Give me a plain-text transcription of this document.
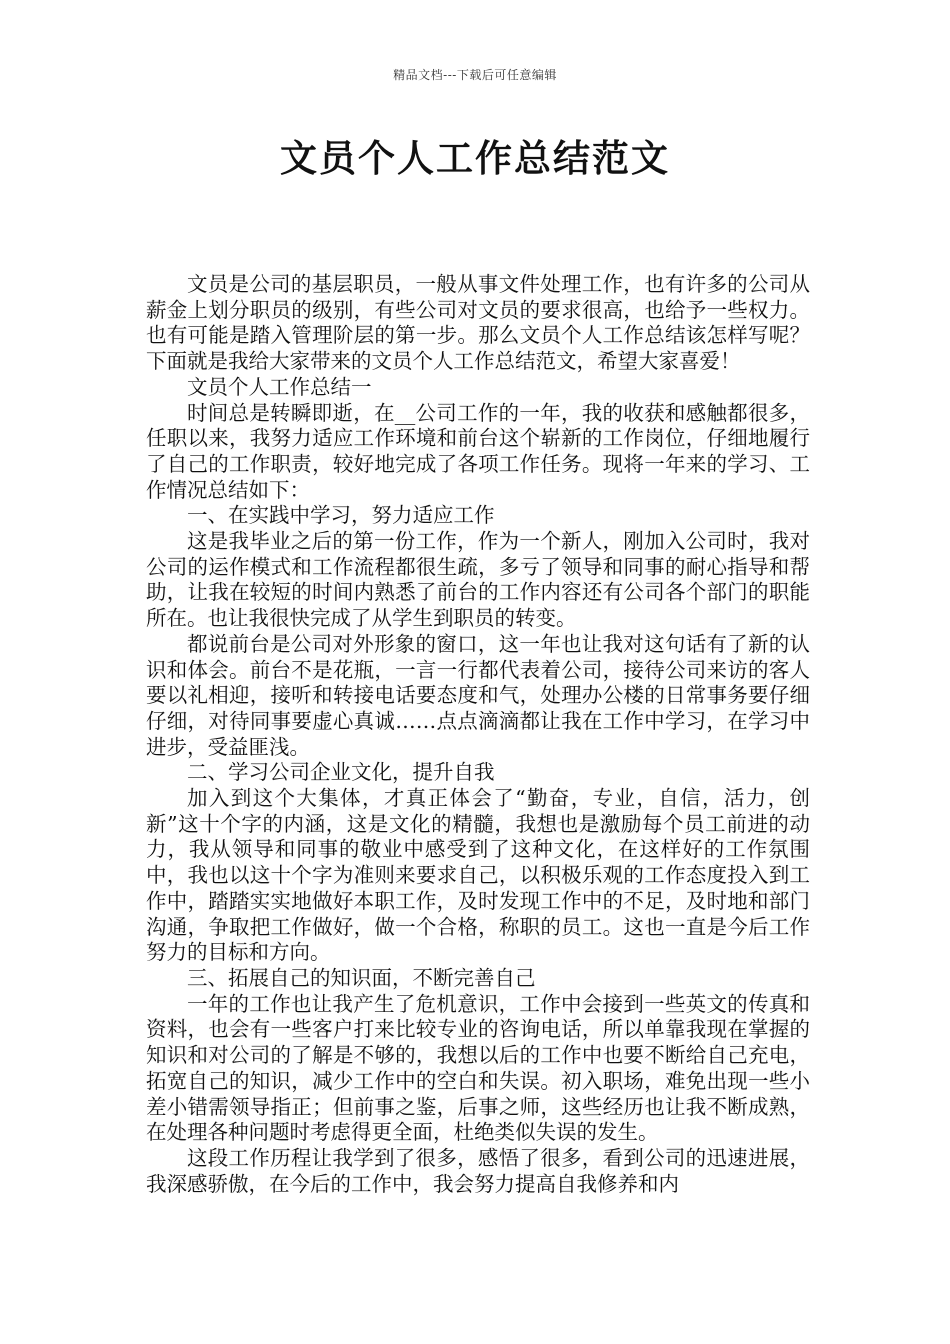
精品文档---下载后可任意编辑
文员个人工作总结范文

文员是公司的基层职员，一般从事文件处理工作，也有许多的公司从薪金上划分职员的级别，有些公司对文员的要求很高，也给予一些权力。也有可能是踏入管理阶层的第一步。那么文员个人工作总结该怎样写呢？下面就是我给大家带来的文员个人工作总结范文，希望大家喜爱！

文员个人工作总结一

时间总是转瞬即逝，在__公司工作的一年，我的收获和感触都很多，任职以来，我努力适应工作环境和前台这个崭新的工作岗位，仔细地履行了自己的工作职责，较好地完成了各项工作任务。现将一年来的学习、工作情况总结如下：

一、在实践中学习，努力适应工作

这是我毕业之后的第一份工作，作为一个新人，刚加入公司时，我对公司的运作模式和工作流程都很生疏，多亏了领导和同事的耐心指导和帮助，让我在较短的时间内熟悉了前台的工作内容还有公司各个部门的职能所在。也让我很快完成了从学生到职员的转变。

都说前台是公司对外形象的窗口，这一年也让我对这句话有了新的认识和体会。前台不是花瓶，一言一行都代表着公司，接待公司来访的客人要以礼相迎，接听和转接电话要态度和气，处理办公楼的日常事务要仔细仔细，对待同事要虚心真诚……点点滴滴都让我在工作中学习，在学习中进步，受益匪浅。

二、学习公司企业文化，提升自我

加入到这个大集体，才真正体会了“勤奋，专业，自信，活力，创新”这十个字的内涵，这是文化的精髓，我想也是激励每个员工前进的动力，我从领导和同事的敬业中感受到了这种文化，在这样好的工作氛围中，我也以这十个字为准则来要求自己，以积极乐观的工作态度投入到工作中，踏踏实实地做好本职工作，及时发现工作中的不足，及时地和部门沟通，争取把工作做好，做一个合格，称职的员工。这也一直是今后工作努力的目标和方向。

三、拓展自己的知识面，不断完善自己

一年的工作也让我产生了危机意识，工作中会接到一些英文的传真和资料，也会有一些客户打来比较专业的咨询电话，所以单靠我现在掌握的知识和对公司的了解是不够的，我想以后的工作中也要不断给自己充电，拓宽自己的知识，减少工作中的空白和失误。初入职场，难免出现一些小差小错需领导指正；但前事之鉴，后事之师，这些经历也让我不断成熟，在处理各种问题时考虑得更全面，杜绝类似失误的发生。

这段工作历程让我学到了很多，感悟了很多，看到公司的迅速进展，我深感骄傲，在今后的工作中，我会努力提高自我修养和内
